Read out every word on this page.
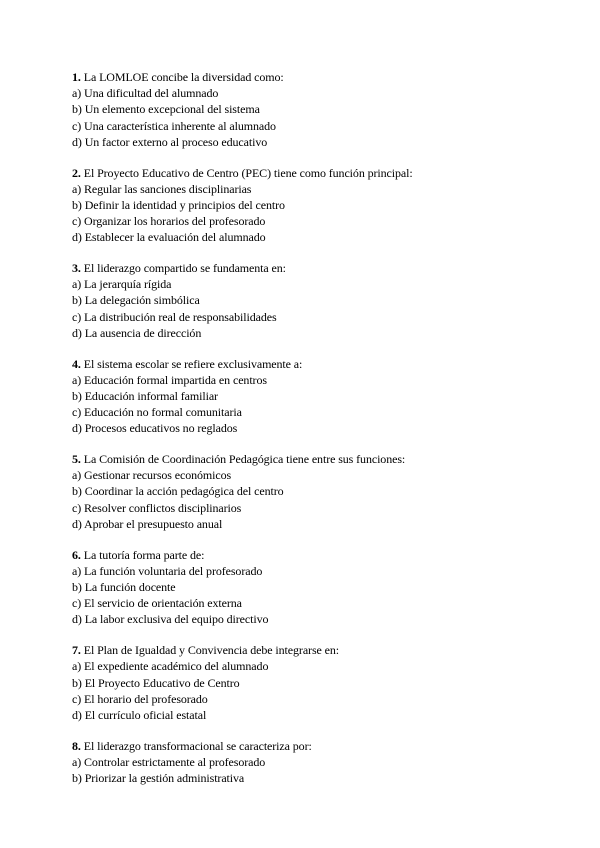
1. La LOMLOE concibe la diversidad como:
a) Una dificultad del alumnado
b) Un elemento excepcional del sistema
c) Una característica inherente al alumnado
d) Un factor externo al proceso educativo
2. El Proyecto Educativo de Centro (PEC) tiene como función principal:
a) Regular las sanciones disciplinarias
b) Definir la identidad y principios del centro
c) Organizar los horarios del profesorado
d) Establecer la evaluación del alumnado
3. El liderazgo compartido se fundamenta en:
a) La jerarquía rígida
b) La delegación simbólica
c) La distribución real de responsabilidades
d) La ausencia de dirección
4. El sistema escolar se refiere exclusivamente a:
a) Educación formal impartida en centros
b) Educación informal familiar
c) Educación no formal comunitaria
d) Procesos educativos no reglados
5. La Comisión de Coordinación Pedagógica tiene entre sus funciones:
a) Gestionar recursos económicos
b) Coordinar la acción pedagógica del centro
c) Resolver conflictos disciplinarios
d) Aprobar el presupuesto anual
6. La tutoría forma parte de:
a) La función voluntaria del profesorado
b) La función docente
c) El servicio de orientación externa
d) La labor exclusiva del equipo directivo
7. El Plan de Igualdad y Convivencia debe integrarse en:
a) El expediente académico del alumnado
b) El Proyecto Educativo de Centro
c) El horario del profesorado
d) El currículo oficial estatal
8. El liderazgo transformacional se caracteriza por:
a) Controlar estrictamente al profesorado
b) Priorizar la gestión administrativa
